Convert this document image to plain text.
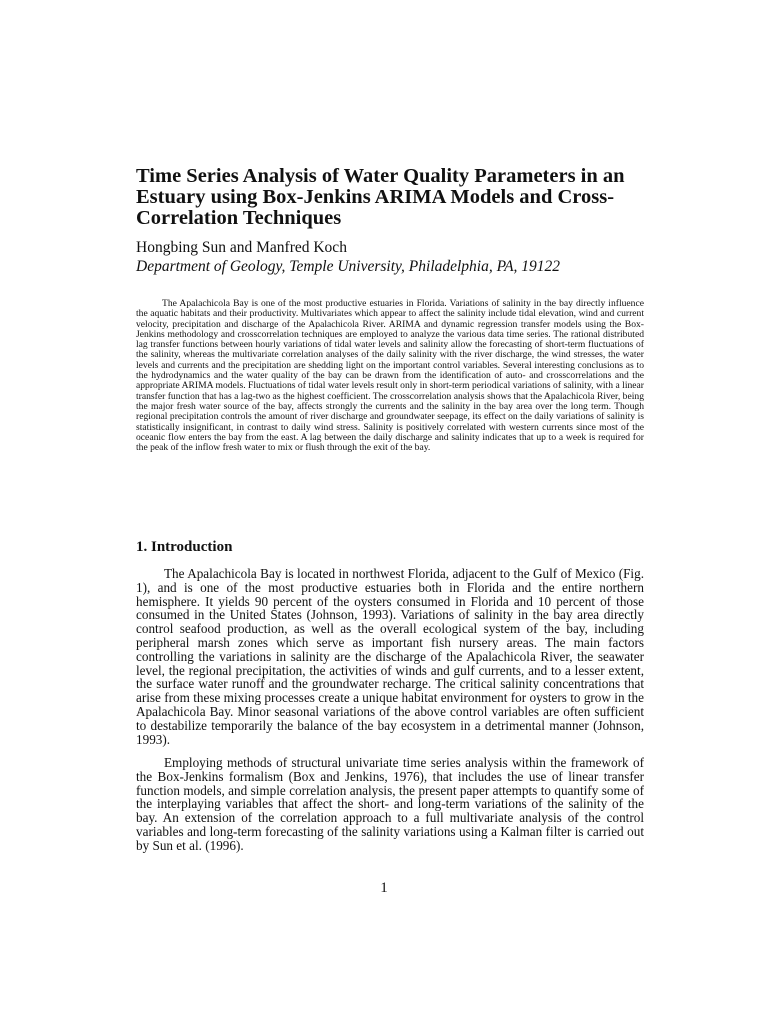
Time Series Analysis of Water Quality Parameters in an Estuary using Box-Jenkins ARIMA Models and Cross-Correlation Techniques
Hongbing Sun and Manfred Koch
Department of Geology, Temple University, Philadelphia, PA, 19122

The Apalachicola Bay is one of the most productive estuaries in Florida. Variations of salinity in the bay directly influence the aquatic habitats and their productivity. Multivariates which appear to affect the salinity include tidal elevation, wind and current velocity, precipitation and discharge of the Apalachicola River. ARIMA and dynamic regression transfer models using the Box-Jenkins methodology and crosscorrelation techniques are employed to analyze the various data time series. The rational distributed lag transfer functions between hourly variations of tidal water levels and salinity allow the forecasting of short-term fluctuations of the salinity, whereas the multivariate correlation analyses of the daily salinity with the river discharge, the wind stresses, the water levels and currents and the precipitation are shedding light on the important control variables. Several interesting conclusions as to the hydrodynamics and the water quality of the bay can be drawn from the identification of auto- and crosscorrelations and the appropriate ARIMA models. Fluctuations of tidal water levels result only in short-term periodical variations of salinity, with a linear transfer function that has a lag-two as the highest coefficient. The crosscorrelation analysis shows that the Apalachicola River, being the major fresh water source of the bay, affects strongly the currents and the salinity in the bay area over the long term. Though regional precipitation controls the amount of river discharge and groundwater seepage, its effect on the daily variations of salinity is statistically insignificant, in contrast to daily wind stress. Salinity is positively correlated with western currents since most of the oceanic flow enters the bay from the east. A lag between the daily discharge and salinity indicates that up to a week is required for the peak of the inflow fresh water to mix or flush through the exit of the bay.

1. Introduction

The Apalachicola Bay is located in northwest Florida, adjacent to the Gulf of Mexico (Fig. 1), and is one of the most productive estuaries both in Florida and the entire northern hemisphere. It yields 90 percent of the oysters consumed in Florida and 10 percent of those consumed in the United States (Johnson, 1993). Variations of salinity in the bay area directly control seafood production, as well as the overall ecological system of the bay, including peripheral marsh zones which serve as important fish nursery areas. The main factors controlling the variations in salinity are the discharge of the Apalachicola River, the seawater level, the regional precipitation, the activities of winds and gulf currents, and to a lesser extent, the surface water runoff and the groundwater recharge. The critical salinity concentrations that arise from these mixing processes create a unique habitat environment for oysters to grow in the Apalachicola Bay. Minor seasonal variations of the above control variables are often sufficient to destabilize temporarily the balance of the bay ecosystem in a detrimental manner (Johnson, 1993).

Employing methods of structural univariate time series analysis within the framework of the Box-Jenkins formalism (Box and Jenkins, 1976), that includes the use of linear transfer function models, and simple correlation analysis, the present paper attempts to quantify some of the interplaying variables that affect the short- and long-term variations of the salinity of the bay. An extension of the correlation approach to a full multivariate analysis of the control variables and long-term forecasting of the salinity variations using a Kalman filter is carried out by Sun et al. (1996).

1
